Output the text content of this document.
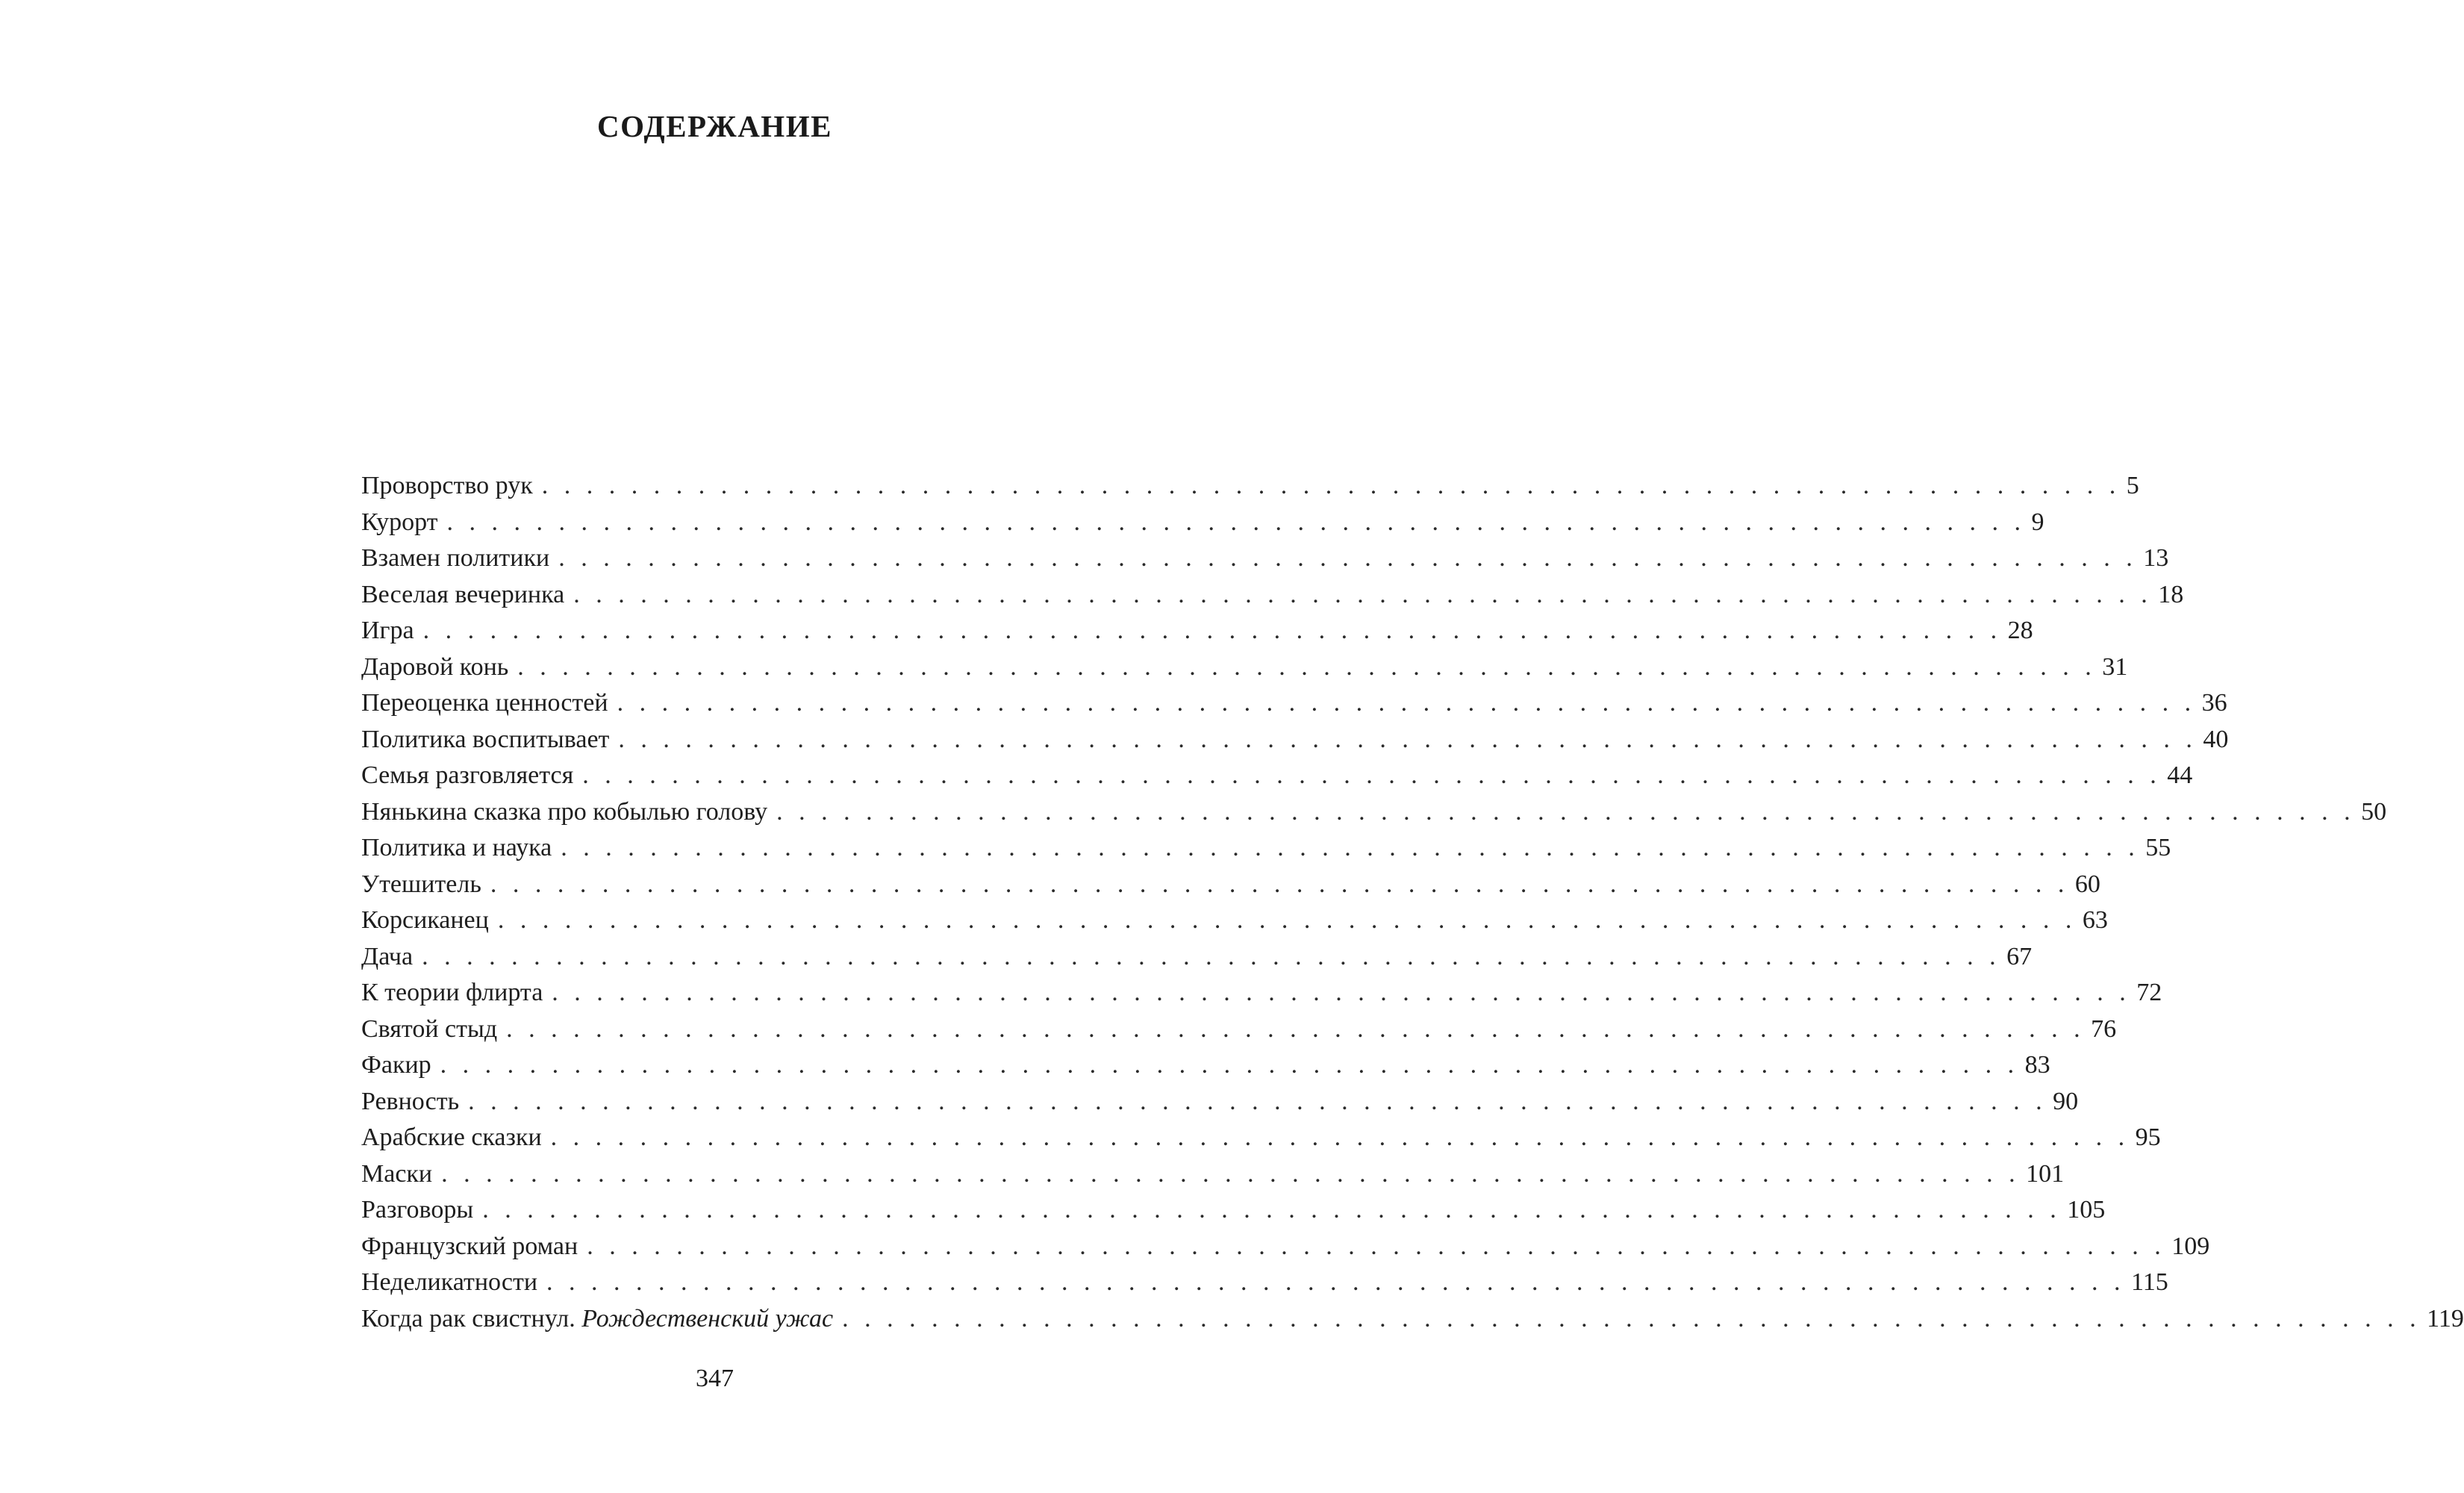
СОДЕРЖАНИЕ
Проворство рук . . . . . . . . . . . . . . . . . . . . . . . . . . . . . . . . . . . . . . . . . . . . . . . . . . . . . . . . . . . . . . . . . . . . . . . 5
Курорт . . . . . . . . . . . . . . . . . . . . . . . . . . . . . . . . . . . . . . . . . . . . . . . . . . . . . . . . . . . . . . . . . . . . . . . 9
Взамен политики . . . . . . . . . . . . . . . . . . . . . . . . . . . . . . . . . . . . . . . . . . . . . . . . . . . . . . . . . . . . . . . . . . . . . . . 13
Веселая вечеринка . . . . . . . . . . . . . . . . . . . . . . . . . . . . . . . . . . . . . . . . . . . . . . . . . . . . . . . . . . . . . . . . . . . . . . . 18
Игра . . . . . . . . . . . . . . . . . . . . . . . . . . . . . . . . . . . . . . . . . . . . . . . . . . . . . . . . . . . . . . . . . . . . . . . 28
Даровой конь . . . . . . . . . . . . . . . . . . . . . . . . . . . . . . . . . . . . . . . . . . . . . . . . . . . . . . . . . . . . . . . . . . . . . . . 31
Переоценка ценностей . . . . . . . . . . . . . . . . . . . . . . . . . . . . . . . . . . . . . . . . . . . . . . . . . . . . . . . . . . . . . . . . . . . . . . . 36
Политика воспитывает . . . . . . . . . . . . . . . . . . . . . . . . . . . . . . . . . . . . . . . . . . . . . . . . . . . . . . . . . . . . . . . . . . . . . . . 40
Семья разговляется . . . . . . . . . . . . . . . . . . . . . . . . . . . . . . . . . . . . . . . . . . . . . . . . . . . . . . . . . . . . . . . . . . . . . . . 44
Нянькина сказка про кобылью голову . . . . . . . . . . . . . . . . . . . . . . . . . . . . . . . . . . . . . . . . . . . . . . . . . . . . . . . . . . . . . . . . . . . . . . . 50
Политика и наука . . . . . . . . . . . . . . . . . . . . . . . . . . . . . . . . . . . . . . . . . . . . . . . . . . . . . . . . . . . . . . . . . . . . . . . 55
Утешитель . . . . . . . . . . . . . . . . . . . . . . . . . . . . . . . . . . . . . . . . . . . . . . . . . . . . . . . . . . . . . . . . . . . . . . . 60
Корсиканец . . . . . . . . . . . . . . . . . . . . . . . . . . . . . . . . . . . . . . . . . . . . . . . . . . . . . . . . . . . . . . . . . . . . . . . 63
Дача . . . . . . . . . . . . . . . . . . . . . . . . . . . . . . . . . . . . . . . . . . . . . . . . . . . . . . . . . . . . . . . . . . . . . . . 67
К теории флирта . . . . . . . . . . . . . . . . . . . . . . . . . . . . . . . . . . . . . . . . . . . . . . . . . . . . . . . . . . . . . . . . . . . . . . . 72
Святой стыд . . . . . . . . . . . . . . . . . . . . . . . . . . . . . . . . . . . . . . . . . . . . . . . . . . . . . . . . . . . . . . . . . . . . . . . 76
Факир . . . . . . . . . . . . . . . . . . . . . . . . . . . . . . . . . . . . . . . . . . . . . . . . . . . . . . . . . . . . . . . . . . . . . . . 83
Ревность . . . . . . . . . . . . . . . . . . . . . . . . . . . . . . . . . . . . . . . . . . . . . . . . . . . . . . . . . . . . . . . . . . . . . . . 90
Арабские сказки . . . . . . . . . . . . . . . . . . . . . . . . . . . . . . . . . . . . . . . . . . . . . . . . . . . . . . . . . . . . . . . . . . . . . . . 95
Маски . . . . . . . . . . . . . . . . . . . . . . . . . . . . . . . . . . . . . . . . . . . . . . . . . . . . . . . . . . . . . . . . . . . . . . . 101
Разговоры . . . . . . . . . . . . . . . . . . . . . . . . . . . . . . . . . . . . . . . . . . . . . . . . . . . . . . . . . . . . . . . . . . . . . . . 105
Французский роман . . . . . . . . . . . . . . . . . . . . . . . . . . . . . . . . . . . . . . . . . . . . . . . . . . . . . . . . . . . . . . . . . . . . . . . 109
Неделикатности . . . . . . . . . . . . . . . . . . . . . . . . . . . . . . . . . . . . . . . . . . . . . . . . . . . . . . . . . . . . . . . . . . . . . . . 115
Когда рак свистнул. Рождественский ужас . . . . . . . . . . . . . . . . . . . . . . . . . . . . . . . . . . . . . . . . . . . . . . . . . . . . . . . . . . . . . . . . . . . . . . . 119
347
